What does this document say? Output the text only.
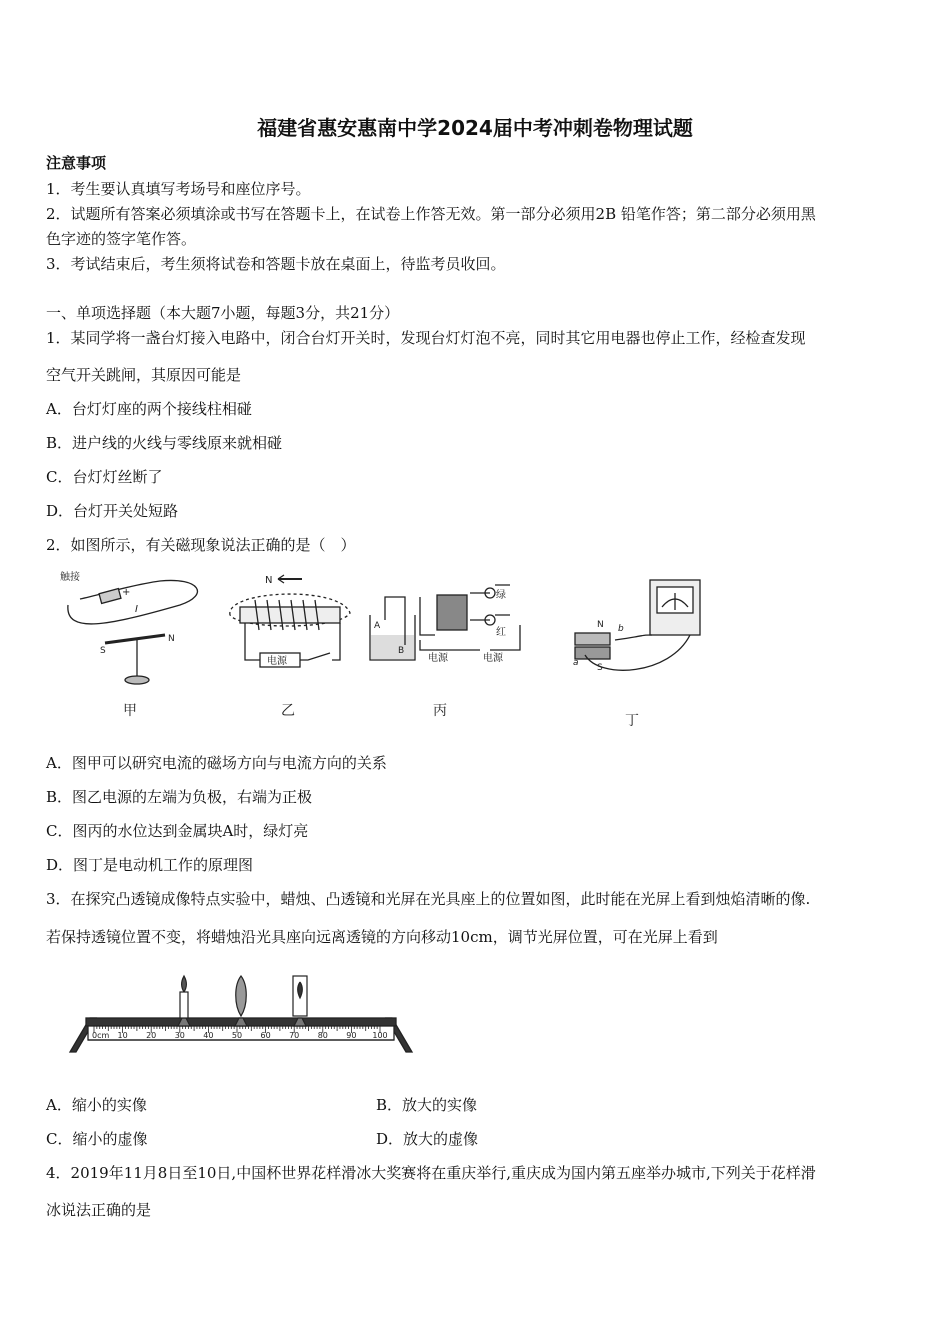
福建省惠安惠南中学2024届中考冲刺卷物理试题
注意事项
1．考生要认真填写考场号和座位序号。
2．试题所有答案必须填涂或书写在答题卡上，在试卷上作答无效。第一部分必须用2B 铅笔作答；第二部分必须用黑
色字迹的签字笔作答。
3．考试结束后，考生须将试卷和答题卡放在桌面上，待监考员收回。
一、单项选择题（本大题7小题，每题3分，共21分）
1．某同学将一盏台灯接入电路中，闭合台灯开关时，发现台灯灯泡不亮，同时其它用电器也停止工作，经检查发现
空气开关跳闸，其原因可能是
A．台灯灯座的两个接线柱相碰
B．进户线的火线与零线原来就相碰
C．台灯灯丝断了
D．台灯开关处短路
2．如图所示，有关磁现象说法正确的是（　）
触接
+
I
S
N
N
电源
A
B
绿
红
电源	电源
N
S
a
b
甲	乙	丙
丁
A．图甲可以研究电流的磁场方向与电流方向的关系
B．图乙电源的左端为负极，右端为正极
C．图丙的水位达到金属块A时，绿灯亮
D．图丁是电动机工作的原理图
3．在探究凸透镜成像特点实验中，蜡烛、凸透镜和光屏在光具座上的位置如图，此时能在光屏上看到烛焰清晰的像.
若保持透镜位置不变，将蜡烛沿光具座向远离透镜的方向移动10cm，调节光屏位置，可在光屏上看到
0cm 10 20 30 40 50 60 70 80 90 100
A．缩小的实像	B．放大的实像
C．缩小的虚像	D．放大的虚像
4．2019年11月8日至10日,中国杯世界花样滑冰大奖赛将在重庆举行,重庆成为国内第五座举办城市,下列关于花样滑
冰说法正确的是
